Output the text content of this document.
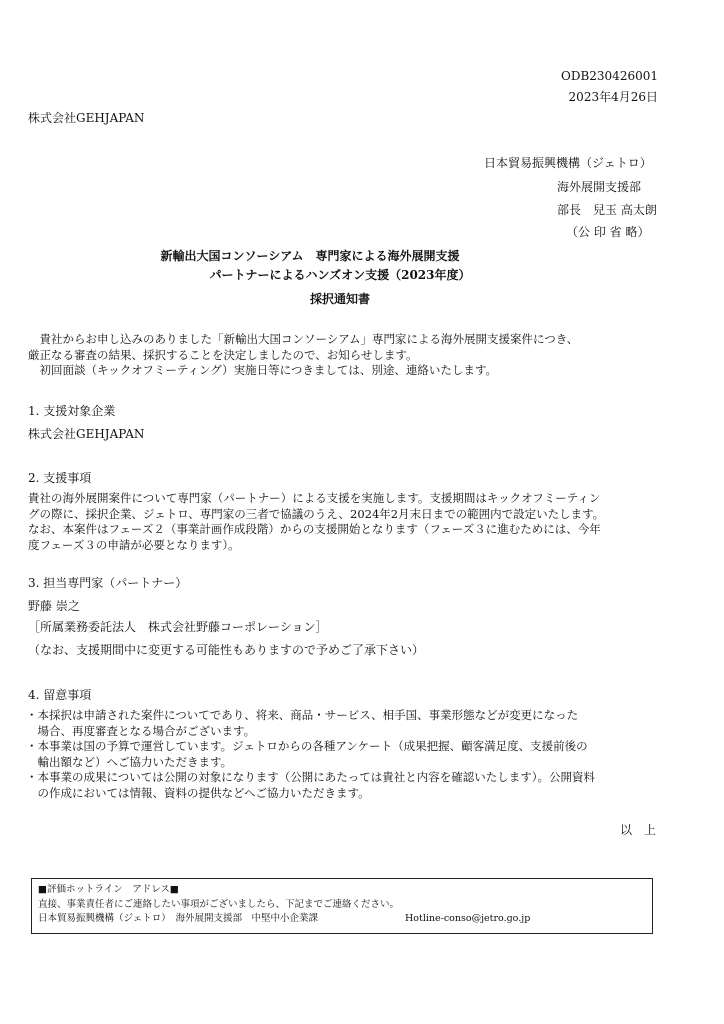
ODB230426001
2023年4月26日
株式会社GEHJAPAN
日本貿易振興機構（ジェトロ）
海外展開支援部
部長　兒玉 高太朗
（公 印 省 略）
新輸出大国コンソーシアム　専門家による海外展開支援
パートナーによるハンズオン支援（2023年度）
採択通知書
　貴社からお申し込みのありました「新輸出大国コンソーシアム」専門家による海外展開支援案件につき、
厳正なる審査の結果、採択することを決定しましたので、お知らせします。
　初回面談（キックオフミーティング）実施日等につきましては、別途、連絡いたします。
1. 支援対象企業
株式会社GEHJAPAN
2. 支援事項
貴社の海外展開案件について専門家（パートナー）による支援を実施します。支援期間はキックオフミーティン
グの際に、採択企業、ジェトロ、専門家の三者で協議のうえ、2024年2月末日までの範囲内で設定いたします。
なお、本案件はフェーズ２（事業計画作成段階）からの支援開始となります（フェーズ３に進むためには、今年
度フェーズ３の申請が必要となります）。
3. 担当専門家（パートナー）
野藤 崇之
［所属業務委託法人　株式会社野藤コーポレーション］
（なお、支援期間中に変更する可能性もありますので予めご了承下さい）
4. 留意事項
・本採択は申請された案件についてであり、将来、商品・サービス、相手国、事業形態などが変更になった
　場合、再度審査となる場合がございます。
・本事業は国の予算で運営しています。ジェトロからの各種アンケート（成果把握、顧客満足度、支援前後の
　輸出額など）へご協力いただきます。
・本事業の成果については公開の対象になります（公開にあたっては貴社と内容を確認いたします）。公開資料
　の作成においては情報、資料の提供などへご協力いただきます。
以　上
■評価ホットライン　アドレス■
直接、事業責任者にご連絡したい事項がございましたら、下記までご連絡ください。
日本貿易振興機構（ジェトロ）　海外展開支援部　中堅中小企業課	Hotline-conso@jetro.go.jp
